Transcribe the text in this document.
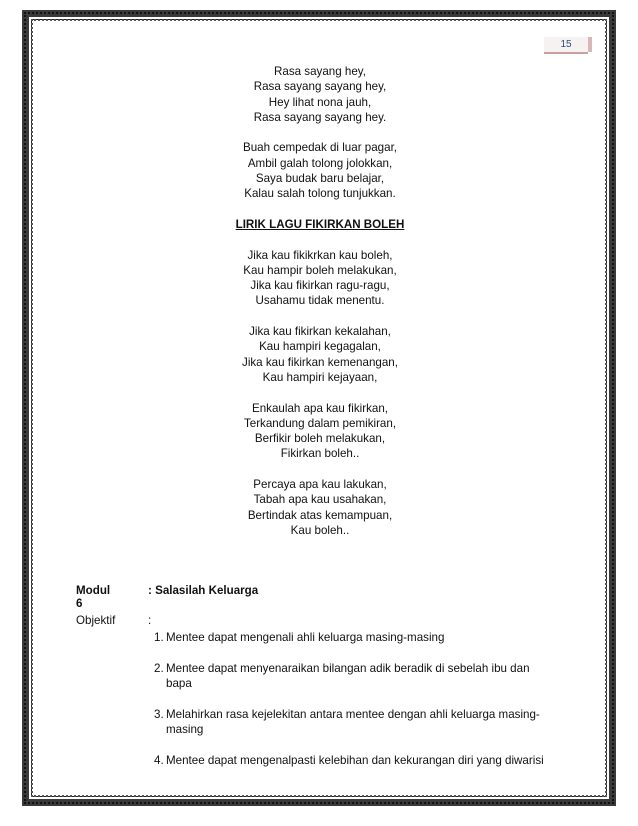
15
Rasa sayang hey,
Rasa sayang sayang hey,
Hey lihat nona jauh,
Rasa sayang sayang hey.
Buah cempedak di luar pagar,
Ambil galah tolong jolokkan,
Saya budak baru belajar,
Kalau salah tolong tunjukkan.
LIRIK LAGU FIKIRKAN BOLEH
Jika kau fikikrkan kau boleh,
Kau hampir boleh melakukan,
Jika kau fikirkan ragu-ragu,
Usahamu tidak menentu.
Jika kau fikirkan kekalahan,
Kau hampiri kegagalan,
Jika kau fikirkan kemenangan,
Kau hampiri kejayaan,
Enkaulah apa kau fikirkan,
Terkandung dalam pemikiran,
Berfikir boleh melakukan,
Fikirkan boleh..
Percaya apa kau lakukan,
Tabah apa kau usahakan,
Bertindak atas kemampuan,
Kau boleh..
Modul 6
: Salasilah Keluarga
Objektif	:
1. Mentee dapat mengenali ahli keluarga masing-masing
2. Mentee dapat menyenaraikan bilangan adik beradik di sebelah ibu dan
bapa
3. Melahirkan rasa kejelekitan antara mentee dengan ahli keluarga masing-
masing
4. Mentee dapat mengenalpasti kelebihan dan kekurangan diri yang diwarisi
